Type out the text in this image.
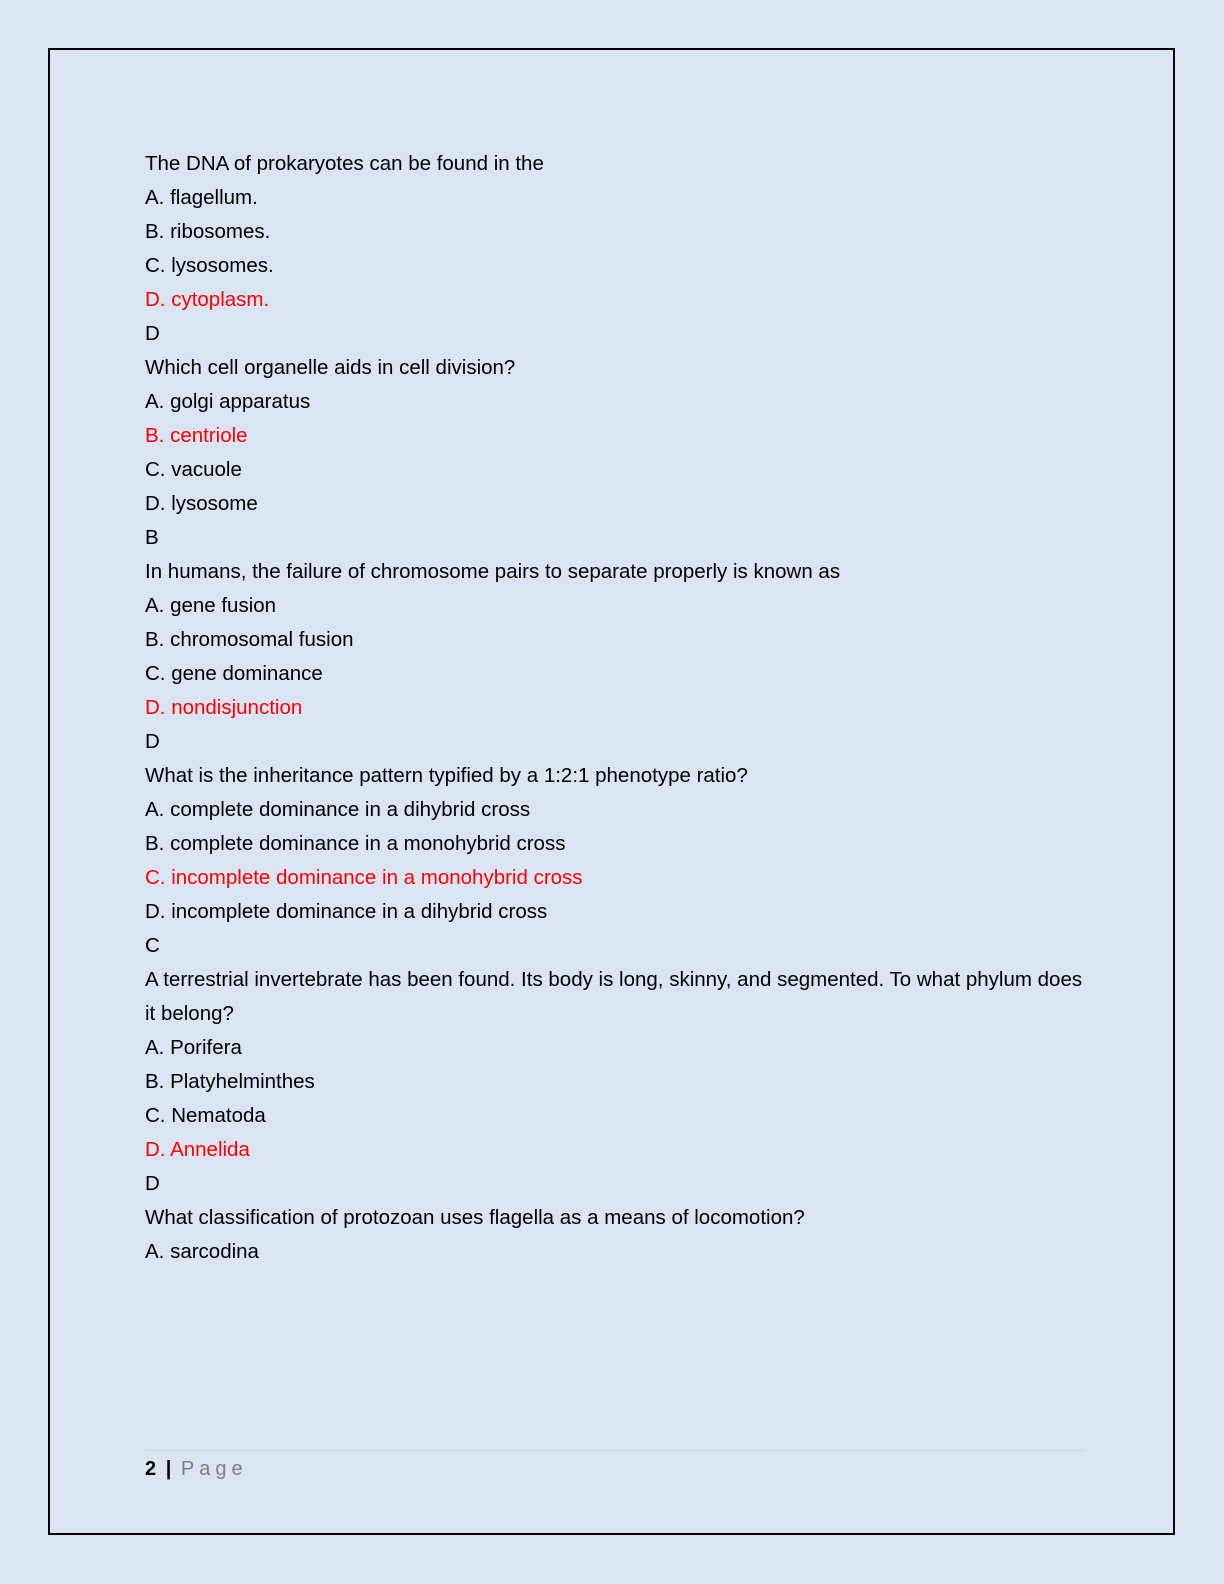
The DNA of prokaryotes can be found in the

A. flagellum.

B. ribosomes.

C. lysosomes.

D. cytoplasm.

D

Which cell organelle aids in cell division?

A. golgi apparatus

B. centriole

C. vacuole

D. lysosome

B

In humans, the failure of chromosome pairs to separate properly is known as

A. gene fusion

B. chromosomal fusion

C. gene dominance

D. nondisjunction

D

What is the inheritance pattern typified by a 1:2:1 phenotype ratio?

A. complete dominance in a dihybrid cross

B. complete dominance in a monohybrid cross

C. incomplete dominance in a monohybrid cross

D. incomplete dominance in a dihybrid cross

C

A terrestrial invertebrate has been found. Its body is long, skinny, and segmented. To what phylum does it belong?

A. Porifera

B. Platyhelminthes

C. Nematoda

D. Annelida

D

What classification of protozoan uses flagella as a means of locomotion?

A. sarcodina

2 | Page
